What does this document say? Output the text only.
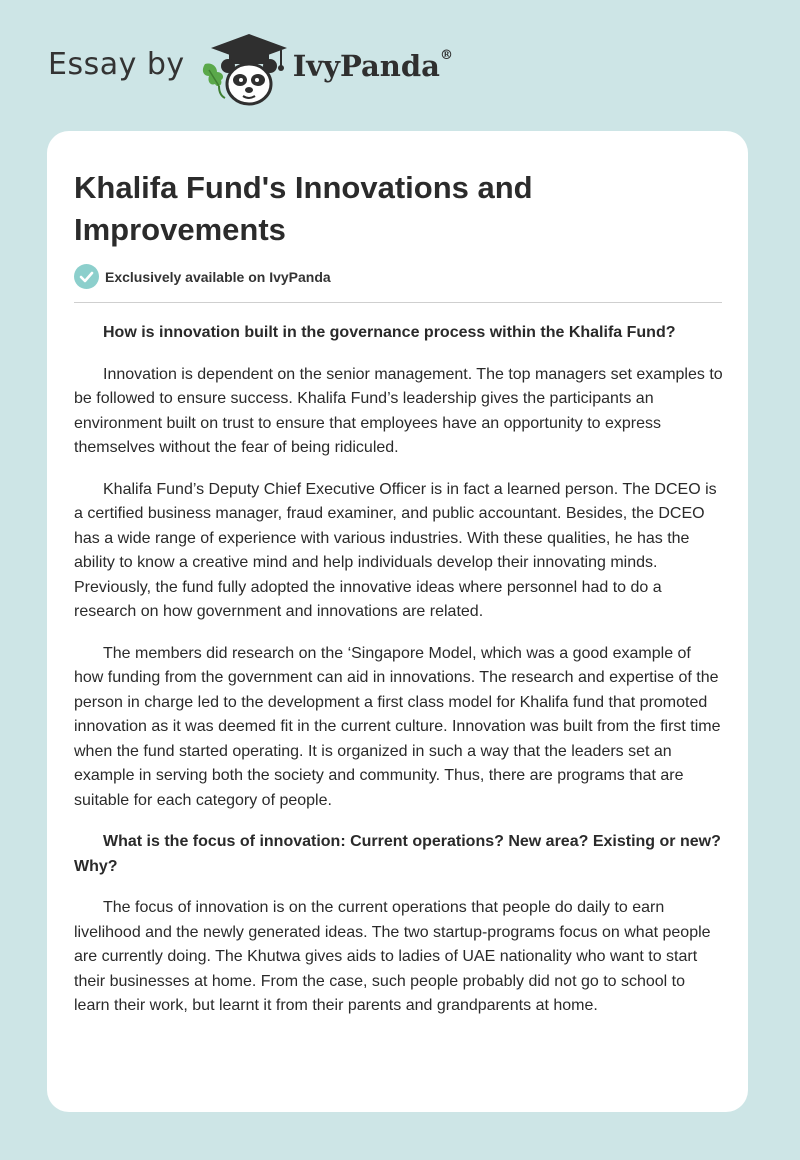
Essay by	IvyPanda®
Khalifa Fund's Innovations and Improvements
Exclusively available on IvyPanda

How is innovation built in the governance process within the Khalifa Fund?

Innovation is dependent on the senior management. The top managers set examples to be followed to ensure success. Khalifa Fund’s leadership gives the participants an environment built on trust to ensure that employees have an opportunity to express themselves without the fear of being ridiculed.

Khalifa Fund’s Deputy Chief Executive Officer is in fact a learned person. The DCEO is a certified business manager, fraud examiner, and public accountant. Besides, the DCEO has a wide range of experience with various industries. With these qualities, he has the ability to know a creative mind and help individuals develop their innovating minds. Previously, the fund fully adopted the innovative ideas where personnel had to do a research on how government and innovations are related.

The members did research on the ‘Singapore Model, which was a good example of how funding from the government can aid in innovations. The research and expertise of the person in charge led to the development a first class model for Khalifa fund that promoted innovation as it was deemed fit in the current culture. Innovation was built from the first time when the fund started operating. It is organized in such a way that the leaders set an example in serving both the society and community. Thus, there are programs that are suitable for each category of people.

What is the focus of innovation: Current operations? New area? Existing or new? Why?

The focus of innovation is on the current operations that people do daily to earn livelihood and the newly generated ideas. The two startup-programs focus on what people are currently doing. The Khutwa gives aids to ladies of UAE nationality who want to start their businesses at home. From the case, such people probably did not go to school to learn their work, but learnt it from their parents and grandparents at home.
